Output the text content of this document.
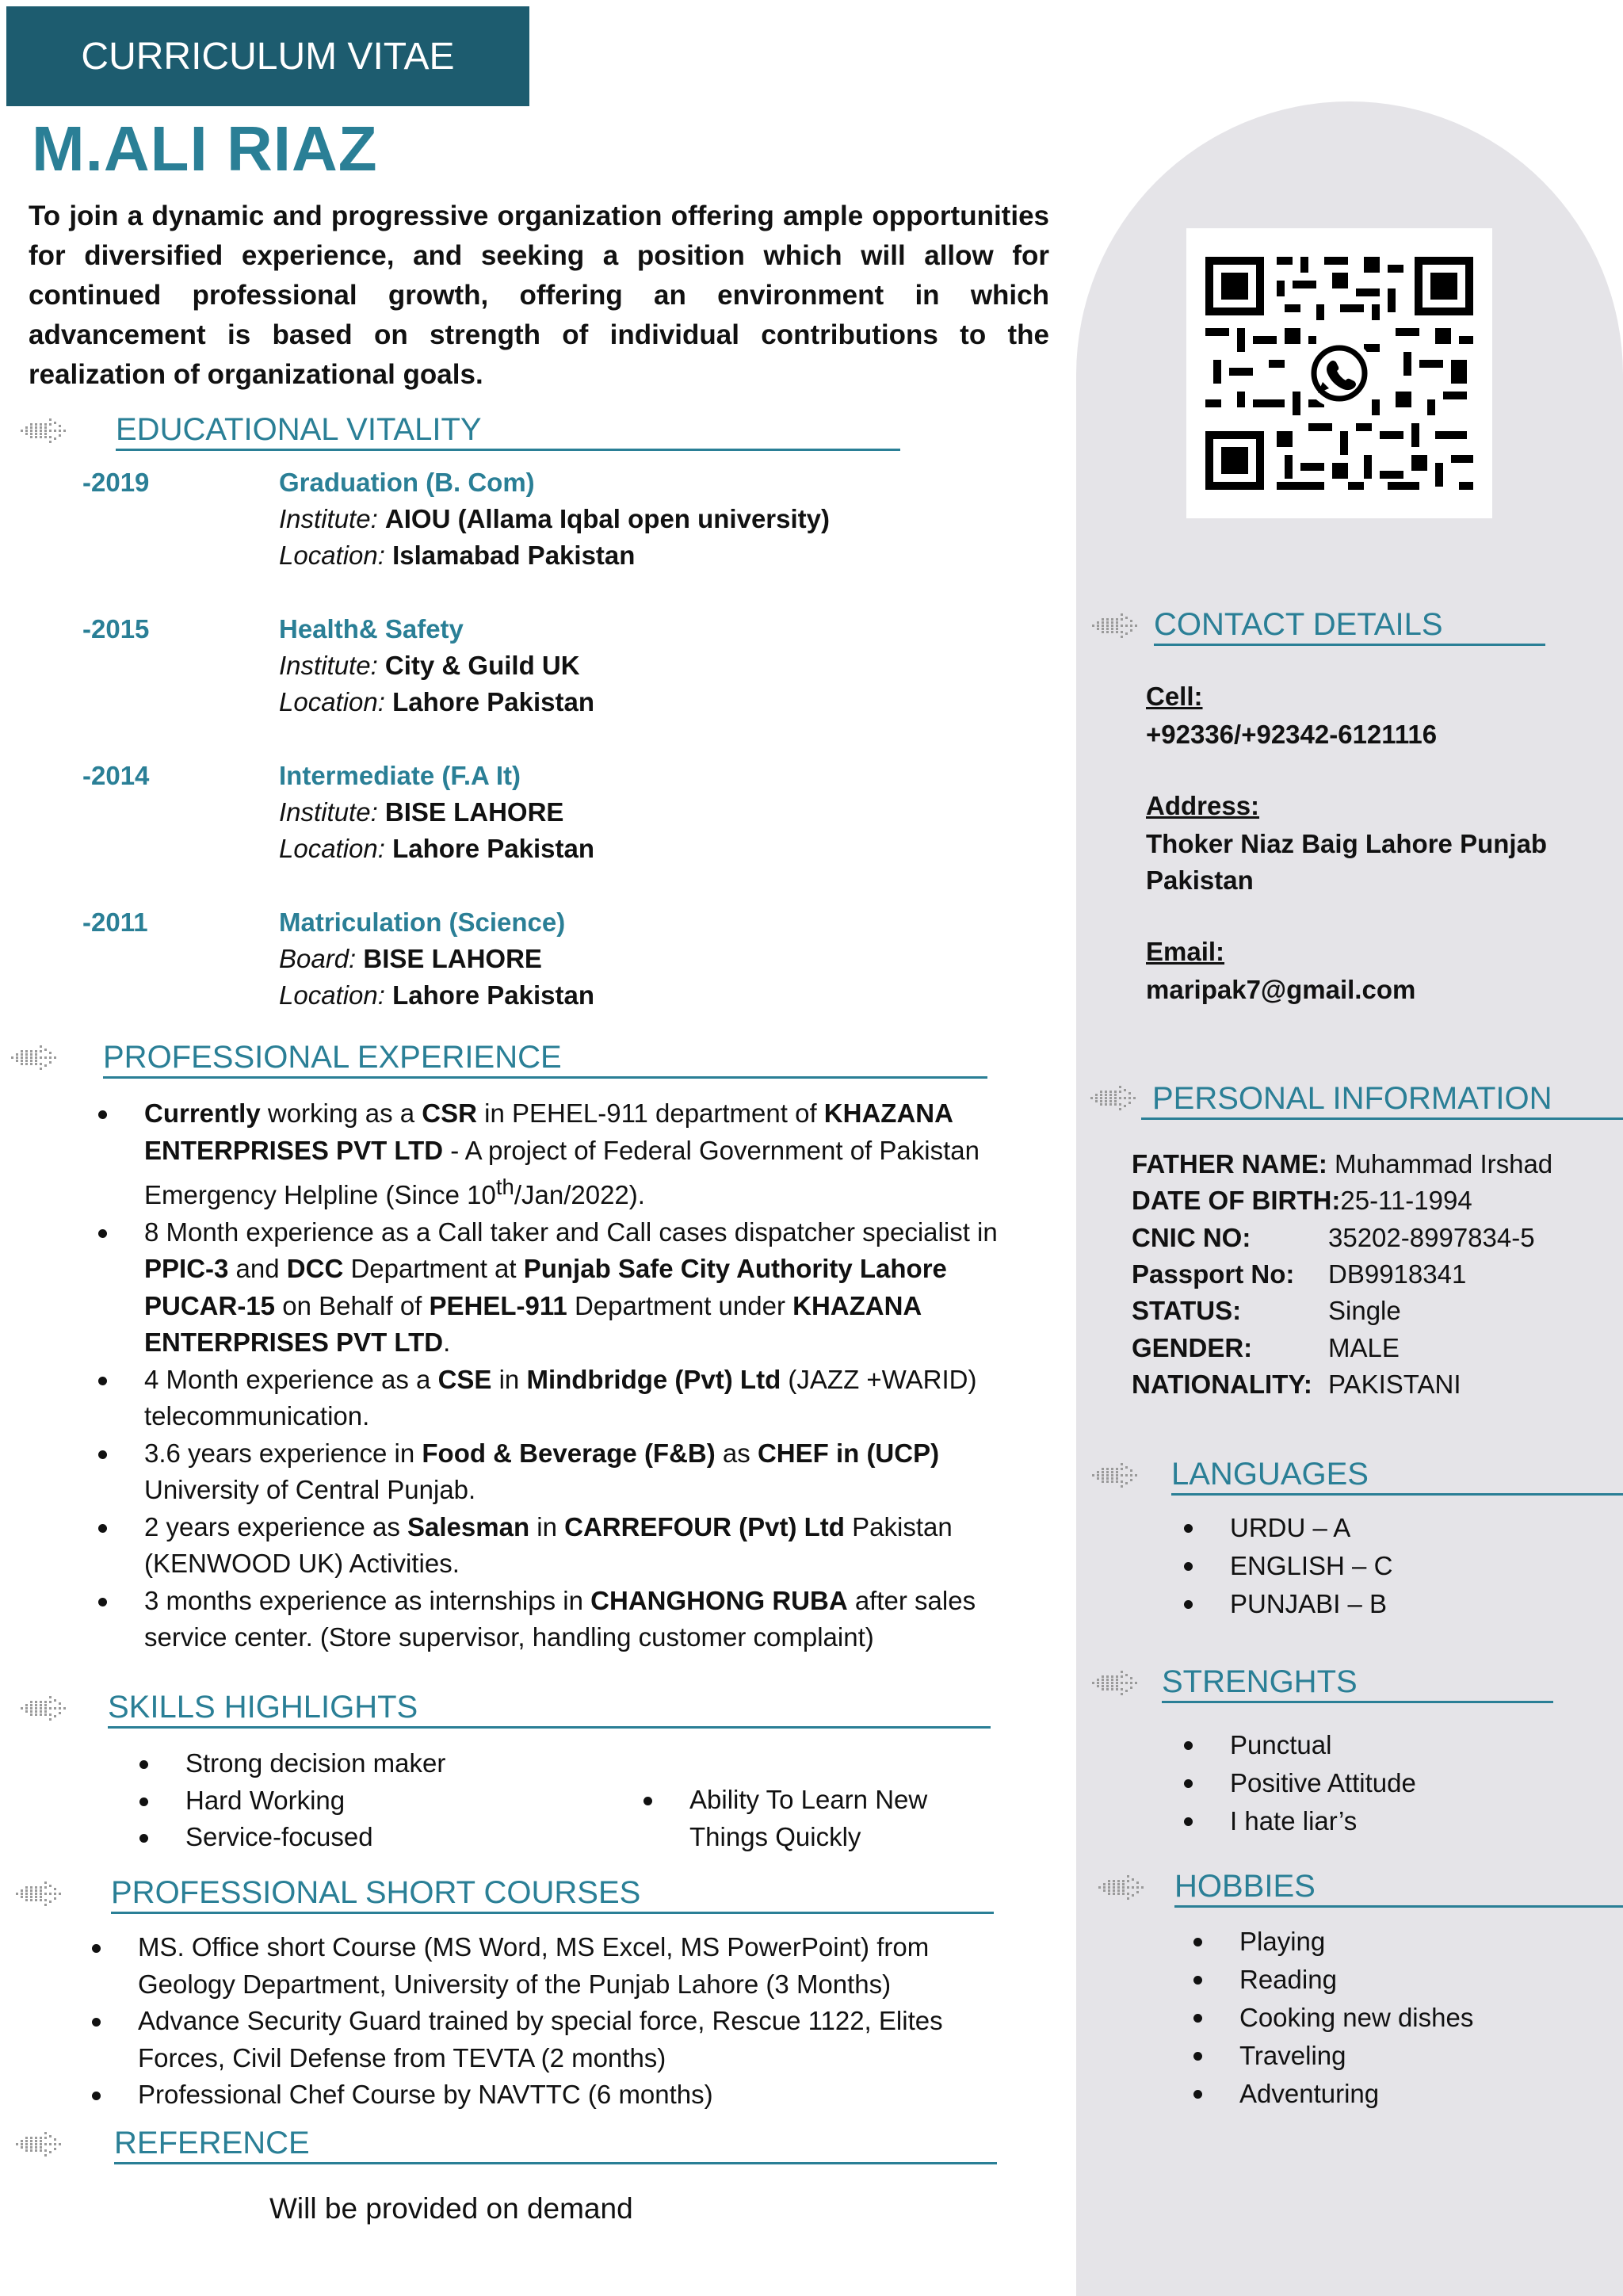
CURRICULUM VITAE
M.ALI RIAZ
To join a dynamic and progressive organization offering ample opportunities for diversified experience, and seeking a position which will allow for continued professional growth, offering an environment in which advancement is based on strength of individual contributions to the realization of organizational goals.
EDUCATIONAL VITALITY
-2019	Graduation (B. Com)
Institute: AIOU (Allama Iqbal open university)
Location: Islamabad Pakistan
-2015	Health& Safety
Institute: City & Guild UK
Location: Lahore Pakistan
-2014	Intermediate (F.A It)
Institute: BISE LAHORE
Location: Lahore Pakistan
-2011	Matriculation (Science)
Board: BISE LAHORE
Location: Lahore Pakistan
PROFESSIONAL EXPERIENCE
Currently working as a CSR in PEHEL-911 department of KHAZANA ENTERPRISES PVT LTD - A project of Federal Government of Pakistan Emergency Helpline (Since 10th/Jan/2022).
8 Month experience as a Call taker and Call cases dispatcher specialist in PPIC-3 and DCC Department at Punjab Safe City Authority Lahore PUCAR-15 on Behalf of PEHEL-911 Department under KHAZANA ENTERPRISES PVT LTD.
4 Month experience as a CSE in Mindbridge (Pvt) Ltd (JAZZ +WARID) telecommunication.
3.6 years experience in Food & Beverage (F&B) as CHEF in (UCP) University of Central Punjab.
2 years experience as Salesman in CARREFOUR (Pvt) Ltd Pakistan (KENWOOD UK) Activities.
3 months experience as internships in CHANGHONG RUBA after sales service center. (Store supervisor, handling customer complaint)
SKILLS HIGHLIGHTS
Strong decision maker
Hard Working
Service-focused
Ability To Learn New Things Quickly
PROFESSIONAL SHORT COURSES
MS. Office short Course (MS Word, MS Excel, MS PowerPoint) from Geology Department, University of the Punjab Lahore (3 Months)
Advance Security Guard trained by special force, Rescue 1122, Elites Forces, Civil Defense from TEVTA (2 months)
Professional Chef Course by NAVTTC (6 months)
REFERENCE
Will be provided on demand
CONTACT DETAILS
Cell:
+92336/+92342-6121116
Address:
Thoker Niaz Baig Lahore Punjab Pakistan
Email:
maripak7@gmail.com
PERSONAL INFORMATION
FATHER NAME: Muhammad Irshad
DATE OF BIRTH:25-11-1994
CNIC NO:	35202-8997834-5
Passport No: DB9918341
STATUS:	Single
GENDER:	MALE
NATIONALITY: PAKISTANI
LANGUAGES
URDU – A
ENGLISH – C
PUNJABI – B
STRENGHTS
Punctual
Positive Attitude
I hate liar’s
HOBBIES
Playing
Reading
Cooking new dishes
Traveling
Adventuring
